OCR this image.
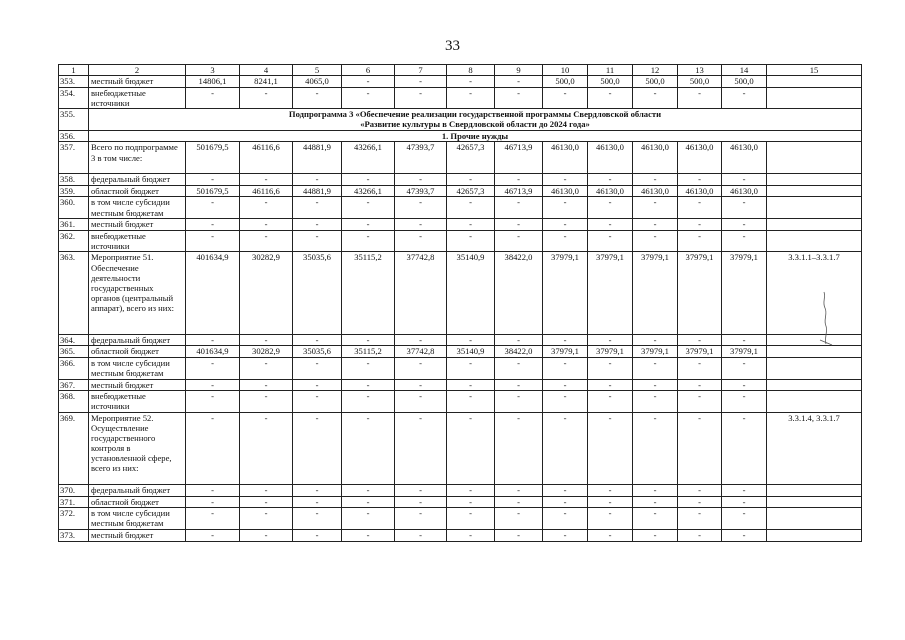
33
1	2	3	4	5	6	7	8	9	10	11	12	13	14	15
353.	местный бюджет	14806,1	8241,1	4065,0	-	-	-	-	500,0	500,0	500,0	500,0	500,0	
354.	внебюджетные источники	-	-	-	-	-	-	-	-	-	-	-	-	
355.	Подпрограмма 3 «Обеспечение реализации государственной программы Свердловской области
«Развитие культуры в Свердловской области до 2024 года»													

356.	1. Прочие нужды													
357.	Всего по подпрограмме 3 в том числе:	501679,5	46116,6	44881,9	43266,1	47393,7	42657,3	46713,9	46130,0	46130,0	46130,0	46130,0	46130,0	
358.	федеральный бюджет	-	-	-	-	-	-	-	-	-	-	-	-	
359.	областной бюджет	501679,5	46116,6	44881,9	43266,1	47393,7	42657,3	46713,9	46130,0	46130,0	46130,0	46130,0	46130,0	
360.	в том числе субсидии местным бюджетам	-	-	-	-	-	-	-	-	-	-	-	-	
361.	местный бюджет	-	-	-	-	-	-	-	-	-	-	-	-	
362.	внебюджетные источники	-	-	-	-	-	-	-	-	-	-	-	-	
363.	Мероприятие 51. Обеспечение деятельности государственных органов (центральный аппарат), всего из них:	401634,9	30282,9	35035,6	35115,2	37742,8	35140,9	38422,0	37979,1	37979,1	37979,1	37979,1	37979,1	3.3.1.1–3.3.1.7
364.	федеральный бюджет	-	-	-	-	-	-	-	-	-	-	-	-	
365.	областной бюджет	401634,9	30282,9	35035,6	35115,2	37742,8	35140,9	38422,0	37979,1	37979,1	37979,1	37979,1	37979,1	
366.	в том числе субсидии местным бюджетам	-	-	-	-	-	-	-	-	-	-	-	-	
367.	местный бюджет	-	-	-	-	-	-	-	-	-	-	-	-	
368.	внебюджетные источники	-	-	-	-	-	-	-	-	-	-	-	-	
369.	Мероприятие 52. Осуществление государственного контроля в установленной сфере, всего из них:	-	-	-	-	-	-	-	-	-	-	-	-	3.3.1.4, 3.3.1.7
370.	федеральный бюджет	-	-	-	-	-	-	-	-	-	-	-	-	
371.	областной бюджет	-	-	-	-	-	-	-	-	-	-	-	-	
372.	в том числе субсидии местным бюджетам	-	-	-	-	-	-	-	-	-	-	-	-	
373.	местный бюджет	-	-	-	-	-	-	-	-	-	-	-	-	
